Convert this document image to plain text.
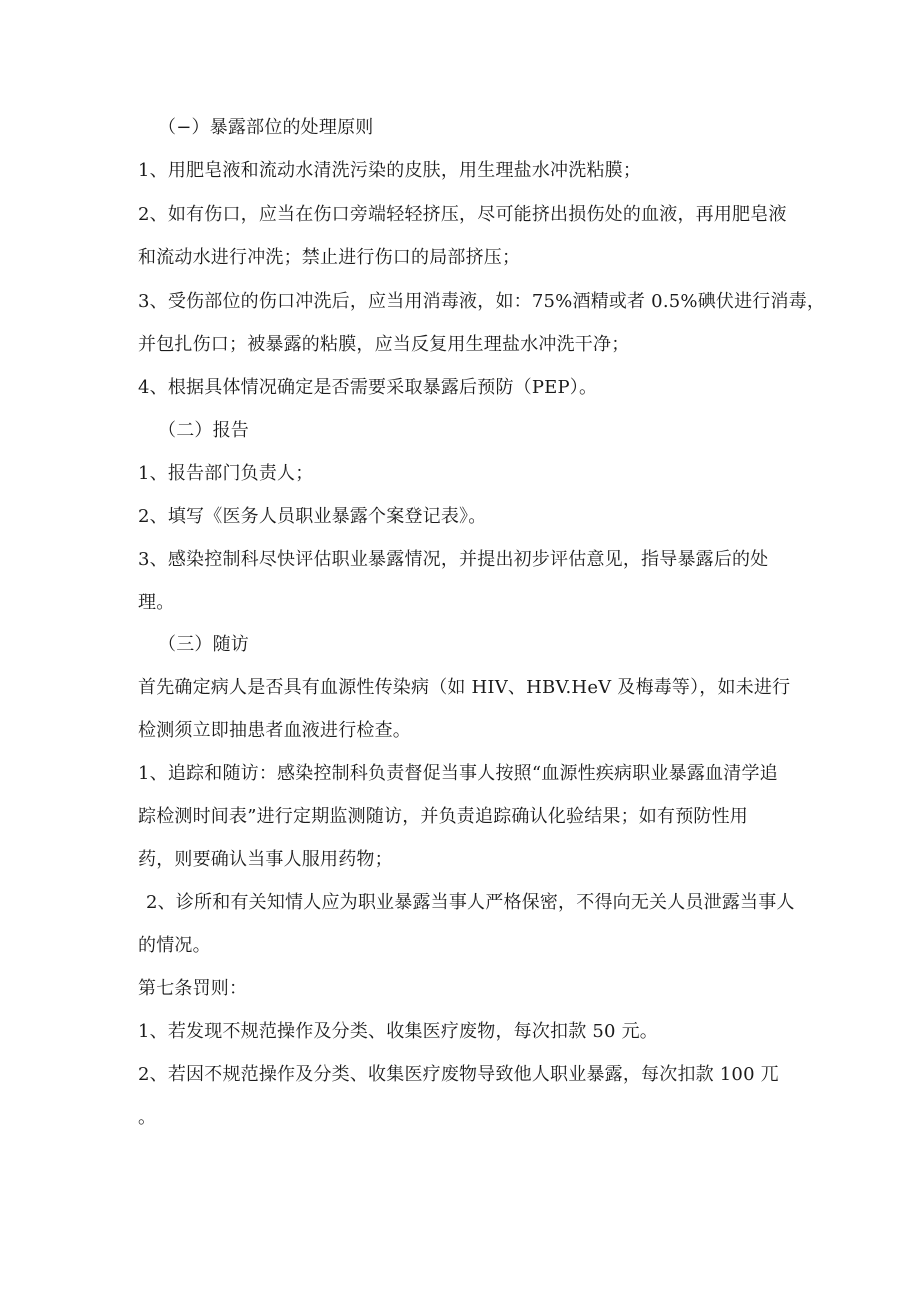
（−）暴露部位的处理原则
1、用肥皂液和流动水清洗污染的皮肤，用生理盐水冲洗粘膜；
2、如有伤口，应当在伤口旁端轻轻挤压，尽可能挤出损伤处的血液，再用肥皂液
和流动水进行冲洗；禁止进行伤口的局部挤压；
3、受伤部位的伤口冲洗后，应当用消毒液，如：75%酒精或者 0.5%碘伏进行消毒，
并包扎伤口；被暴露的粘膜，应当反复用生理盐水冲洗干净；
4、根据具体情况确定是否需要采取暴露后预防（PEP）。
（二）报告
1、报告部门负责人；
2、填写《医务人员职业暴露个案登记表》。
3、感染控制科尽快评估职业暴露情况，并提出初步评估意见，指导暴露后的处
理。
（三）随访
首先确定病人是否具有血源性传染病（如 HIV、HBV.HeV 及梅毒等），如未进行
检测须立即抽患者血液进行检查。
1、追踪和随访：感染控制科负责督促当事人按照“血源性疾病职业暴露血清学追
踪检测时间表”进行定期监测随访，并负责追踪确认化验结果；如有预防性用
药，则要确认当事人服用药物；
2、诊所和有关知情人应为职业暴露当事人严格保密，不得向无关人员泄露当事人
的情况。
第七条罚则：
1、若发现不规范操作及分类、收集医疗废物，每次扣款 50 元。
2、若因不规范操作及分类、收集医疗废物导致他人职业暴露，每次扣款 100 兀
。
